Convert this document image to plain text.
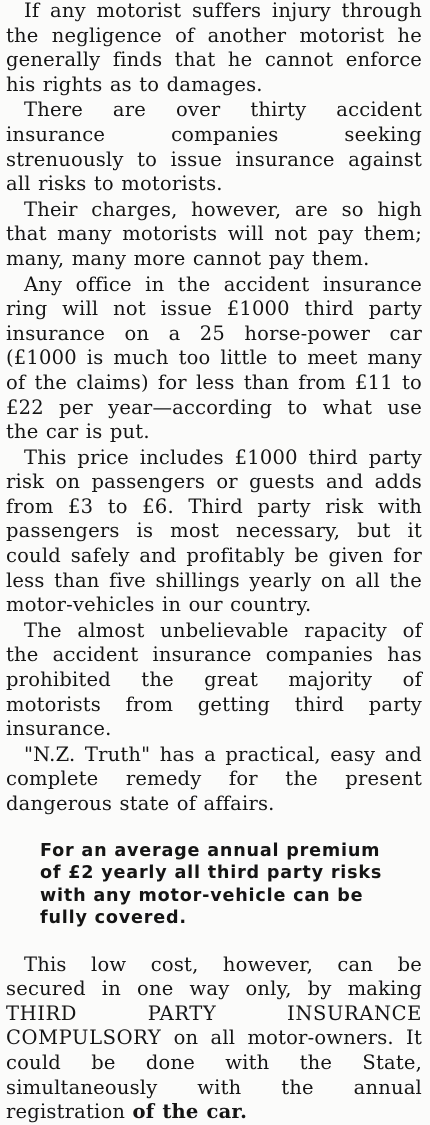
If any motorist suffers injury through the negligence of another motorist he generally finds that he cannot enforce his rights as to damages.

There are over thirty accident insurance companies seeking strenuously to issue insurance against all risks to motorists.

Their charges, however, are so high that many motorists will not pay them; many, many more cannot pay them.

Any office in the accident insurance ring will not issue £1000 third party insurance on a 25 horse-power car (£1000 is much too little to meet many of the claims) for less than from £11 to £22 per year—according to what use the car is put.

This price includes £1000 third party risk on passengers or guests and adds from £3 to £6. Third party risk with passengers is most necessary, but it could safely and profitably be given for less than five shillings yearly on all the motor-vehicles in our country.

The almost unbelievable rapacity of the accident insurance companies has prohibited the great majority of motorists from getting third party insurance.

"N.Z. Truth" has a practical, easy and complete remedy for the present dangerous state of affairs.

For an average annual premium of £2 yearly all third party risks with any motor-vehicle can be fully covered.

This low cost, however, can be secured in one way only, by making THIRD PARTY INSURANCE COMPULSORY on all motor-owners. It could be done with the State, simultaneously with the annual registration of the car.
